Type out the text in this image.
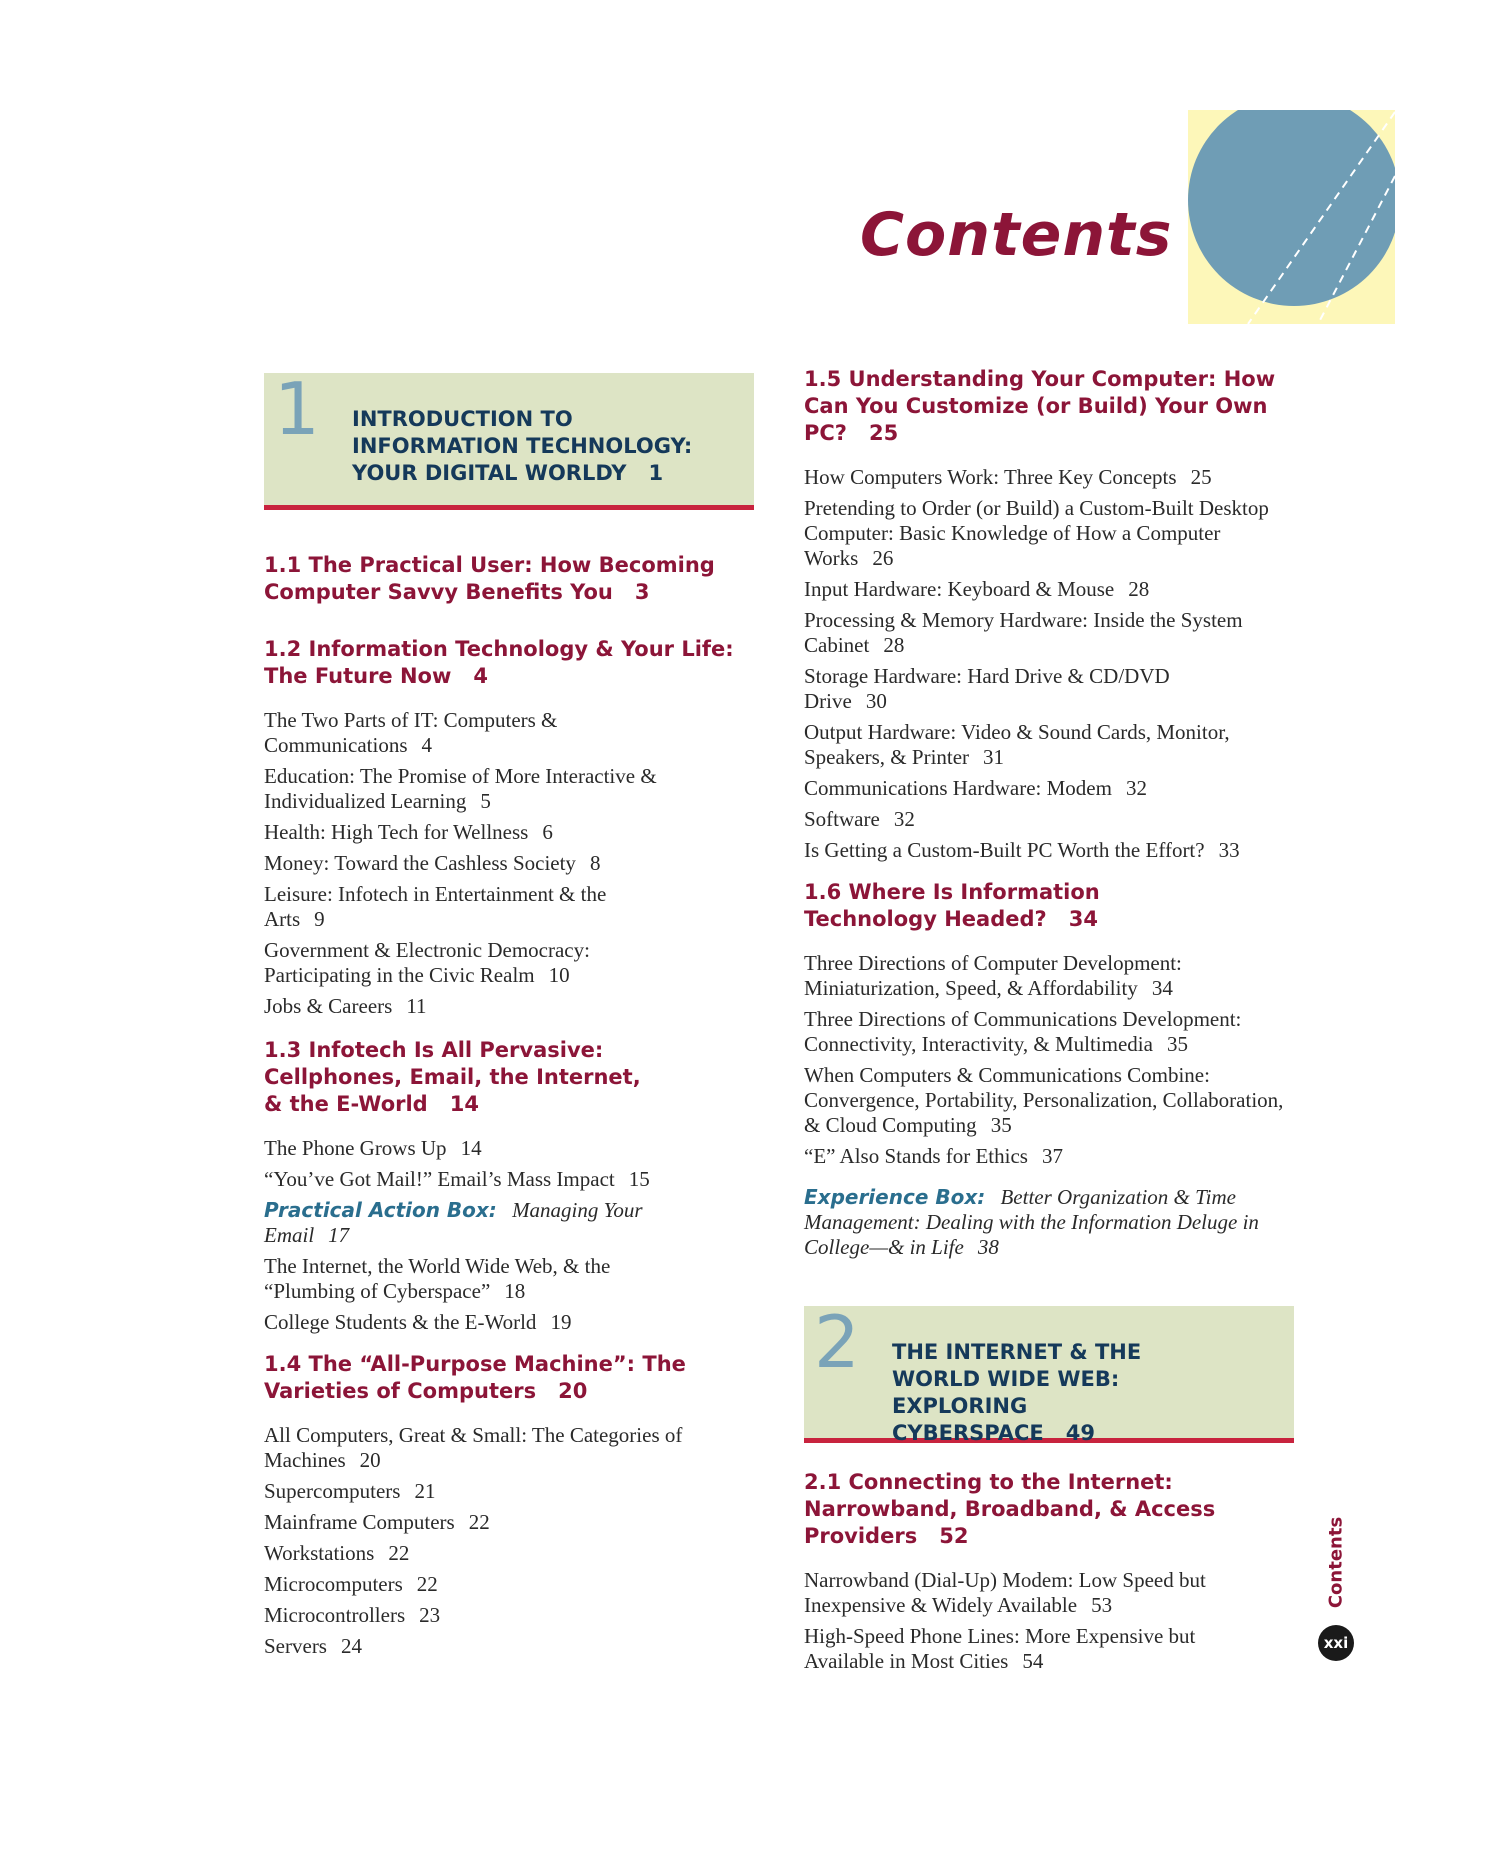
Contents
1 INTRODUCTION TO INFORMATION TECHNOLOGY: YOUR DIGITAL WORLDY 1

1.1 The Practical User: How Becoming Computer Savvy Benefits You 3

1.2 Information Technology & Your Life: The Future Now 4

The Two Parts of IT: Computers & Communications 4

Education: The Promise of More Interactive & Individualized Learning 5

Health: High Tech for Wellness 6

Money: Toward the Cashless Society 8

Leisure: Infotech in Entertainment & the Arts 9

Government & Electronic Democracy: Participating in the Civic Realm 10

Jobs & Careers 11

1.3 Infotech Is All Pervasive: Cellphones, Email, the Internet, & the E-World 14

The Phone Grows Up 14

“You’ve Got Mail!” Email’s Mass Impact 15

Practical Action Box: Managing Your Email 17

The Internet, the World Wide Web, & the “Plumbing of Cyberspace” 18

College Students & the E-World 19

1.4 The “All-Purpose Machine”: The Varieties of Computers 20

All Computers, Great & Small: The Categories of Machines 20

Supercomputers 21

Mainframe Computers 22

Workstations 22

Microcomputers 22

Microcontrollers 23

Servers 24

1.5 Understanding Your Computer: How Can You Customize (or Build) Your Own PC? 25

How Computers Work: Three Key Concepts 25

Pretending to Order (or Build) a Custom-Built Desktop Computer: Basic Knowledge of How a Computer Works 26

Input Hardware: Keyboard & Mouse 28

Processing & Memory Hardware: Inside the System Cabinet 28

Storage Hardware: Hard Drive & CD/DVD Drive 30

Output Hardware: Video & Sound Cards, Monitor, Speakers, & Printer 31

Communications Hardware: Modem 32

Software 32

Is Getting a Custom-Built PC Worth the Effort? 33

1.6 Where Is Information Technology Headed? 34

Three Directions of Computer Development: Miniaturization, Speed, & Affordability 34

Three Directions of Communications Development: Connectivity, Interactivity, & Multimedia 35

When Computers & Communications Combine: Convergence, Portability, Personalization, Collaboration, & Cloud Computing 35

“E” Also Stands for Ethics 37

Experience Box: Better Organization & Time Management: Dealing with the Information Deluge in College—& in Life 38

2 THE INTERNET & THE WORLD WIDE WEB: EXPLORING CYBERSPACE 49

2.1 Connecting to the Internet: Narrowband, Broadband, & Access Providers 52

Narrowband (Dial-Up) Modem: Low Speed but Inexpensive & Widely Available 53

High-Speed Phone Lines: More Expensive but Available in Most Cities 54

Contents
xxi
